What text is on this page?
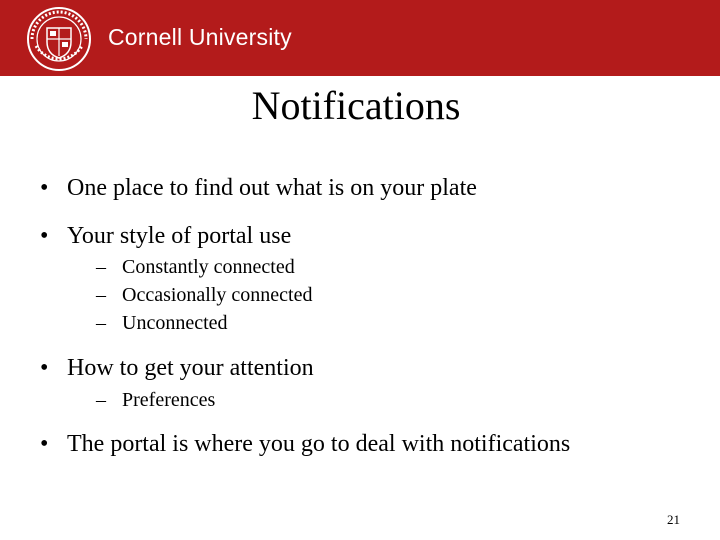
Cornell University
Notifications
• One place to find out what is on your plate
• Your style of portal use
– Constantly connected
– Occasionally connected
– Unconnected
• How to get your attention
– Preferences
• The portal is where you go to deal with notifications
21
